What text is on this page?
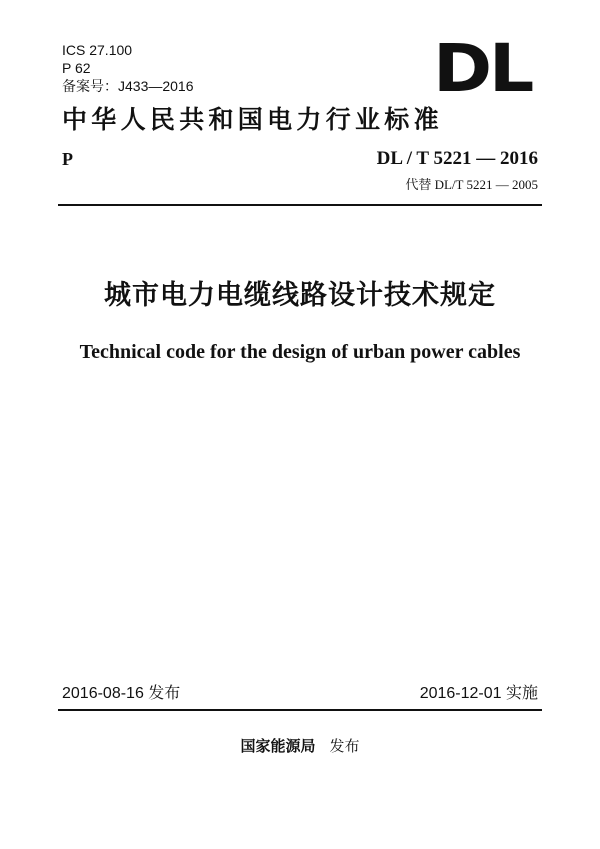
ICS 27.100
P 62
备案号：J433—2016	DL
中华人民共和国电力行业标准
P	DL / T 5221 — 2016
代替 DL/T 5221 — 2005
城市电力电缆线路设计技术规定
Technical code for the design of urban power cables
2016-08-16 发布	2016-12-01 实施
国家能源局 发布
